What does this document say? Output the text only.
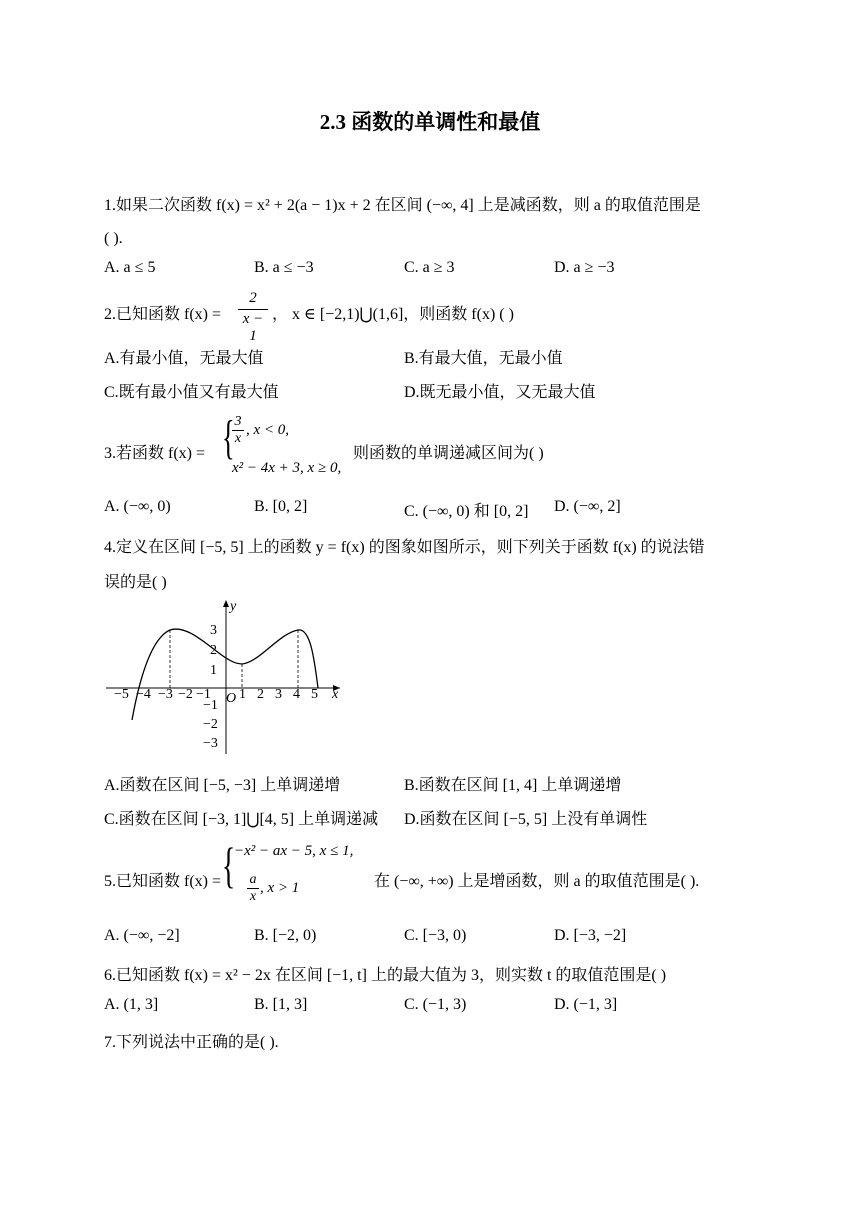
2.3 函数的单调性和最值
1.如果二次函数 f(x) = x² + 2(a − 1)x + 2 在区间 (−∞, 4] 上是减函数，则 a 的取值范围是
( ).
A. a ≤ 5	B. a ≤ −3	C. a ≥ 3	D. a ≥ −3
2.已知函数 $f(x) = \frac{2}{x - 1}$ ， x ∈ [−2,1)⋃(1,6]，则函数 f(x) ( )
A.有最小值，无最大值	B.有最大值，无最小值
C.既有最小值又有最大值	D.既无最小值，又无最大值
3.若函数 f(x) = {
$\frac{3}{x}$ , x < 0,
x² − 4x + 3, x ≥ 0,
则函数的单调递减区间为( )
A. (−∞, 0)	B. [0, 2]	C. (−∞, 0) 和 [0, 2] D. (−∞, 2]
4.定义在区间 [−5, 5] 上的函数 y = f(x) 的图象如图所示，则下列关于函数 f(x) 的说法错
误的是( )
y
x
O
3
2
1
−1
−2
−3
−5 −4 −3 −2 −1 1 2 3 4 5
A.函数在区间 [−5, −3] 上单调递增	B.函数在区间 [1, 4] 上单调递增
C.函数在区间 [−3, 1]⋃[4, 5] 上单调递减 D.函数在区间 [−5, 5] 上没有单调性
5.已知函数 f(x) = {
−x² − ax − 5, x ≤ 1,
$\frac{a}{x}$ , x > 1	在 (−∞, +∞) 上是增函数，则 a 的取值范围是( ).
A. (−∞, −2]	B. [−2, 0)	C. [−3, 0)	D. [−3, −2]
6.已知函数 f(x) = x² − 2x 在区间 [−1, t] 上的最大值为 3，则实数 t 的取值范围是( )
A. (1, 3]	B. [1, 3]	C. (−1, 3)	D. (−1, 3]
7.下列说法中正确的是( ).
